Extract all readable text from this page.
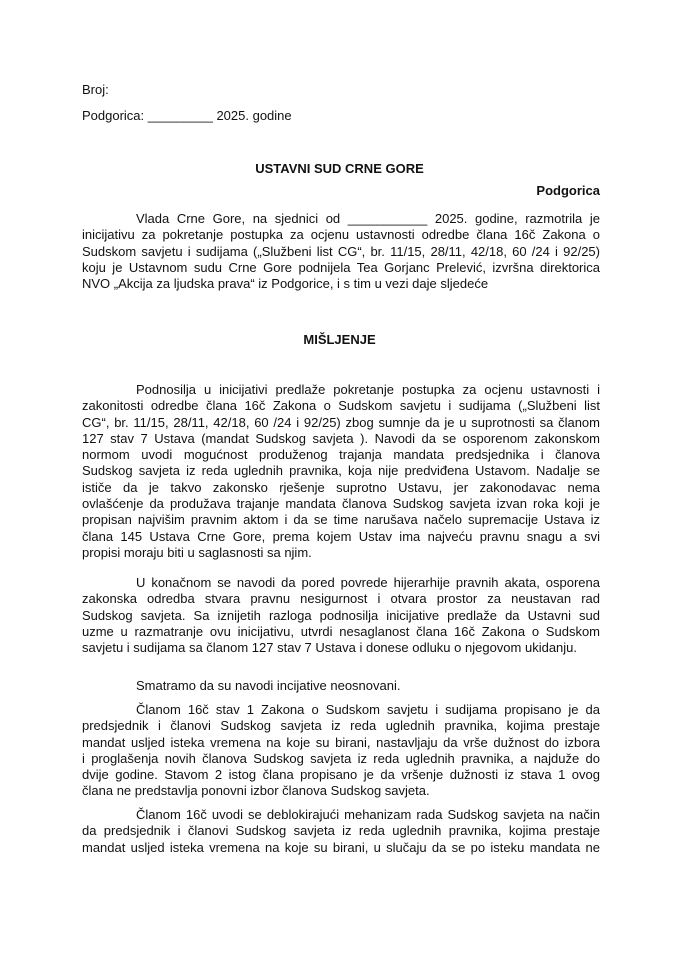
Broj:
Podgorica: _________ 2025. godine
USTAVNI SUD CRNE GORE
Podgorica
Vlada Crne Gore, na sjednici od ___________ 2025. godine, razmotrila je
inicijativu za pokretanje postupka za ocjenu ustavnosti odredbe člana 16č Zakona o
Sudskom savjetu i sudijama („Službeni list CG“, br. 11/15, 28/11, 42/18, 60 /24 i 92/25)
koju je Ustavnom sudu Crne Gore podnijela Tea Gorjanc Prelević, izvršna direktorica
NVO „Akcija za ljudska prava“ iz Podgorice, i s tim u vezi daje sljedeće
MIŠLJENJE
Podnosilja u inicijativi predlaže pokretanje postupka za ocjenu ustavnosti i
zakonitosti odredbe člana 16č Zakona o Sudskom savjetu i sudijama („Službeni list
CG“, br. 11/15, 28/11, 42/18, 60 /24 i 92/25) zbog sumnje da je u suprotnosti sa članom
127 stav 7 Ustava (mandat Sudskog savjeta ). Navodi da se osporenom zakonskom
normom uvodi mogućnost produženog trajanja mandata predsjednika i članova
Sudskog savjeta iz reda uglednih pravnika, koja nije predviđena Ustavom. Nadalje se
ističe da je takvo zakonsko rješenje suprotno Ustavu, jer zakonodavac nema
ovlašćenje da produžava trajanje mandata članova Sudskog savjeta izvan roka koji je
propisan najvišim pravnim aktom i da se time narušava načelo supremacije Ustava iz
člana 145 Ustava Crne Gore, prema kojem Ustav ima najveću pravnu snagu a svi
propisi moraju biti u saglasnosti sa njim.
U konačnom se navodi da pored povrede hijerarhije pravnih akata, osporena
zakonska odredba stvara pravnu nesigurnost i otvara prostor za neustavan rad
Sudskog savjeta. Sa iznijetih razloga podnosilja inicijative predlaže da Ustavni sud
uzme u razmatranje ovu inicijativu, utvrdi nesaglanost člana 16č Zakona o Sudskom
savjetu i sudijama sa članom 127 stav 7 Ustava i donese odluku o njegovom ukidanju.
Smatramo da su navodi incijative neosnovani.
Članom 16č stav 1 Zakona o Sudskom savjetu i sudijama propisano je da
predsjednik i članovi Sudskog savjeta iz reda uglednih pravnika, kojima prestaje
mandat usljed isteka vremena na koje su birani, nastavljaju da vrše dužnost do izbora
i proglašenja novih članova Sudskog savjeta iz reda uglednih pravnika, a najduže do
dvije godine. Stavom 2 istog člana propisano je da vršenje dužnosti iz stava 1 ovog
člana ne predstavlja ponovni izbor članova Sudskog savjeta.
Članom 16č uvodi se deblokirajući mehanizam rada Sudskog savjeta na način
da predsjednik i članovi Sudskog savjeta iz reda uglednih pravnika, kojima prestaje
mandat usljed isteka vremena na koje su birani, u slučaju da se po isteku mandata ne
